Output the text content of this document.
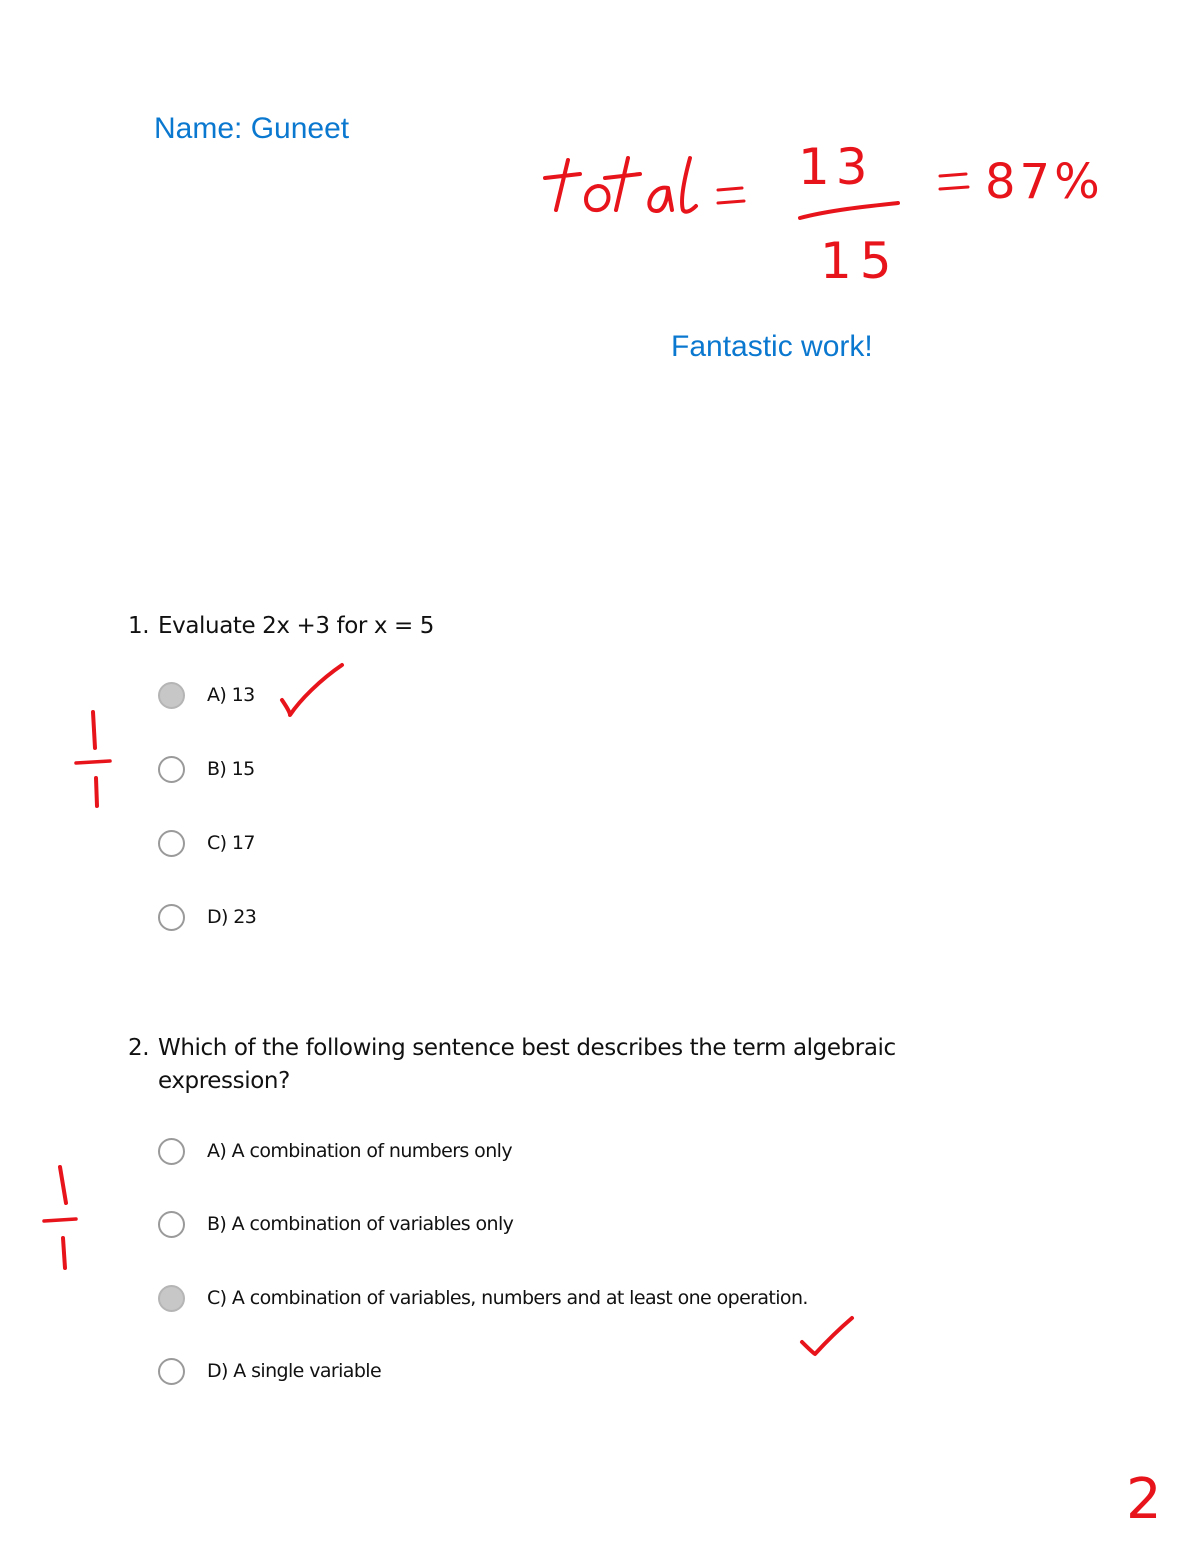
Name: Guneet
Fantastic work!
1. Evaluate 2x +3 for x = 5
A) 13
B) 15
C) 17
D) 23
2. Which of the following sentence best describes the term algebraic expression?
A) A combination of numbers only
B) A combination of variables only
C) A combination of variables, numbers and at least one operation.
D) A single variable
13
15
87%
2
